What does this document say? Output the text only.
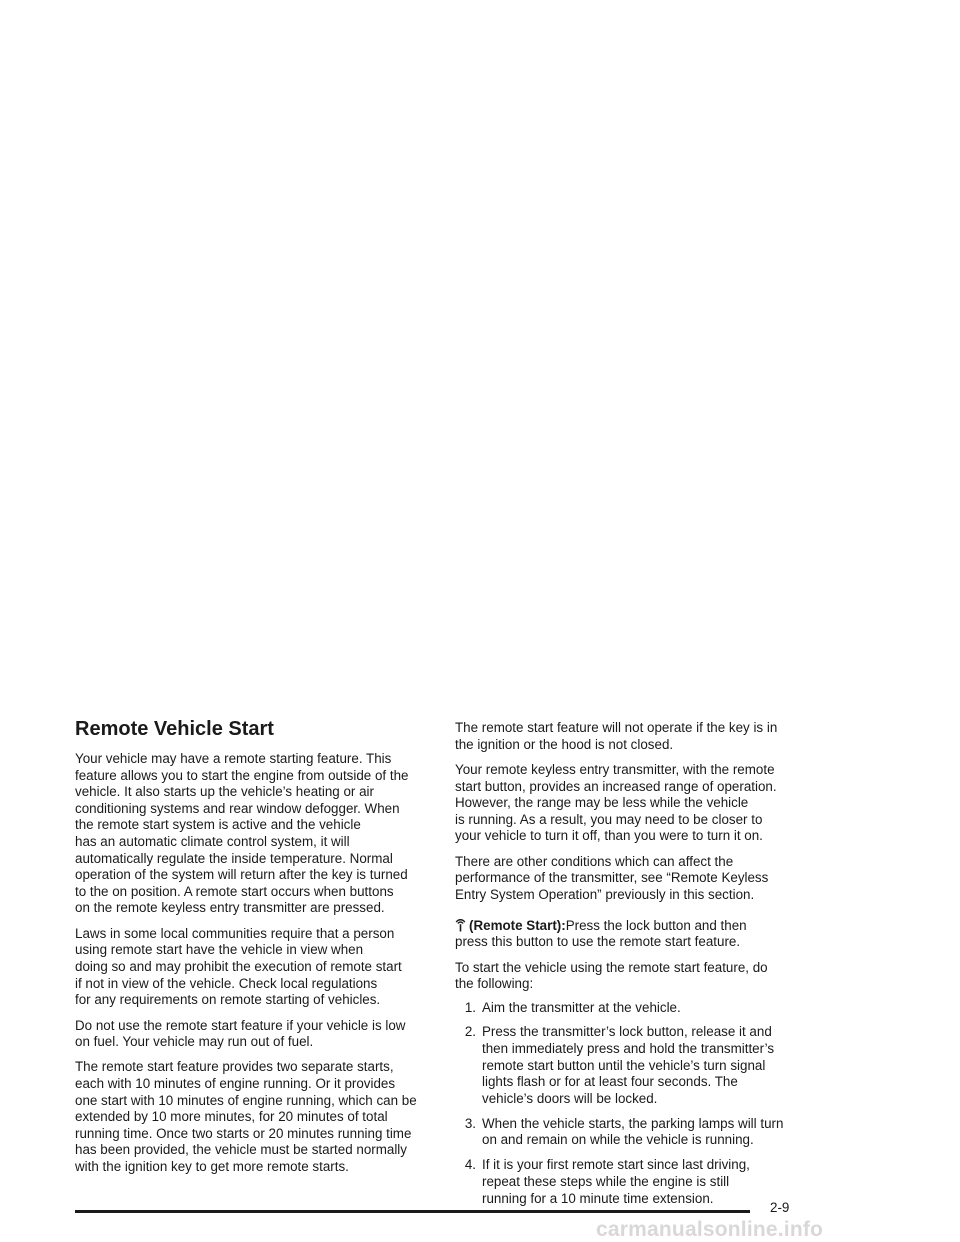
Remote Vehicle Start

Your vehicle may have a remote starting feature. This
feature allows you to start the engine from outside of the
vehicle. It also starts up the vehicle’s heating or air
conditioning systems and rear window defogger. When
the remote start system is active and the vehicle
has an automatic climate control system, it will
automatically regulate the inside temperature. Normal
operation of the system will return after the key is turned
to the on position. A remote start occurs when buttons
on the remote keyless entry transmitter are pressed.

Laws in some local communities require that a person
using remote start have the vehicle in view when
doing so and may prohibit the execution of remote start
if not in view of the vehicle. Check local regulations
for any requirements on remote starting of vehicles.

Do not use the remote start feature if your vehicle is low
on fuel. Your vehicle may run out of fuel.

The remote start feature provides two separate starts,
each with 10 minutes of engine running. Or it provides
one start with 10 minutes of engine running, which can be
extended by 10 more minutes, for 20 minutes of total
running time. Once two starts or 20 minutes running time
has been provided, the vehicle must be started normally
with the ignition key to get more remote starts.

The remote start feature will not operate if the key is in
the ignition or the hood is not closed.

Your remote keyless entry transmitter, with the remote
start button, provides an increased range of operation.
However, the range may be less while the vehicle
is running. As a result, you may need to be closer to
your vehicle to turn it off, than you were to turn it on.

There are other conditions which can affect the
performance of the transmitter, see “Remote Keyless
Entry System Operation” previously in this section.

(Remote Start):Press the lock button and then
press this button to use the remote start feature.

To start the vehicle using the remote start feature, do
the following:

1. Aim the transmitter at the vehicle.
2. Press the transmitter’s lock button, release it and
then immediately press and hold the transmitter’s
remote start button until the vehicle’s turn signal
lights flash or for at least four seconds. The
vehicle’s doors will be locked.
3. When the vehicle starts, the parking lamps will turn
on and remain on while the vehicle is running.
4. If it is your first remote start since last driving,
repeat these steps while the engine is still
running for a 10 minute time extension.
2-9
carmanualsonline.info
